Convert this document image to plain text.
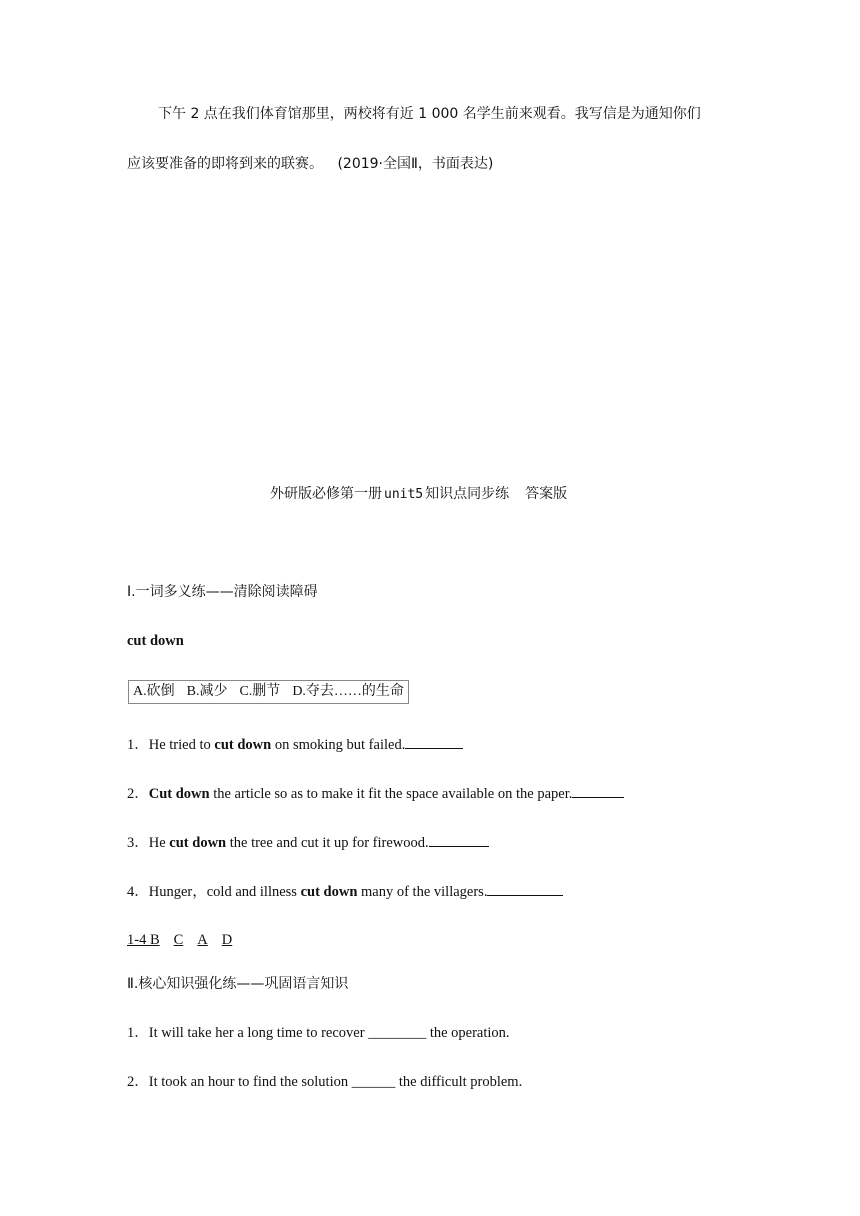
下午 2 点在我们体育馆那里，两校将有近 1 000 名学生前来观看。我写信是为通知你们
应该要准备的即将到来的联赛。 (2019·全国Ⅱ，书面表达)
外研版必修第一册 unit5 知识点同步练 答案版
Ⅰ.一词多义练——清除阅读障碍
cut down
A.砍倒 B.减少 C.删节 D.夺去……的生命
1．He tried to cut down on smoking but failed.
2．Cut down the article so as to make it fit the space available on the paper.
3．He cut down the tree and cut it up for firewood.
4．Hunger，cold and illness cut down many of the villagers.
1-4 B C A D
Ⅱ.核心知识强化练——巩固语言知识
1．It will take her a long time to recover ________ the operation.
2．It took an hour to find the solution ______ the difficult problem.
